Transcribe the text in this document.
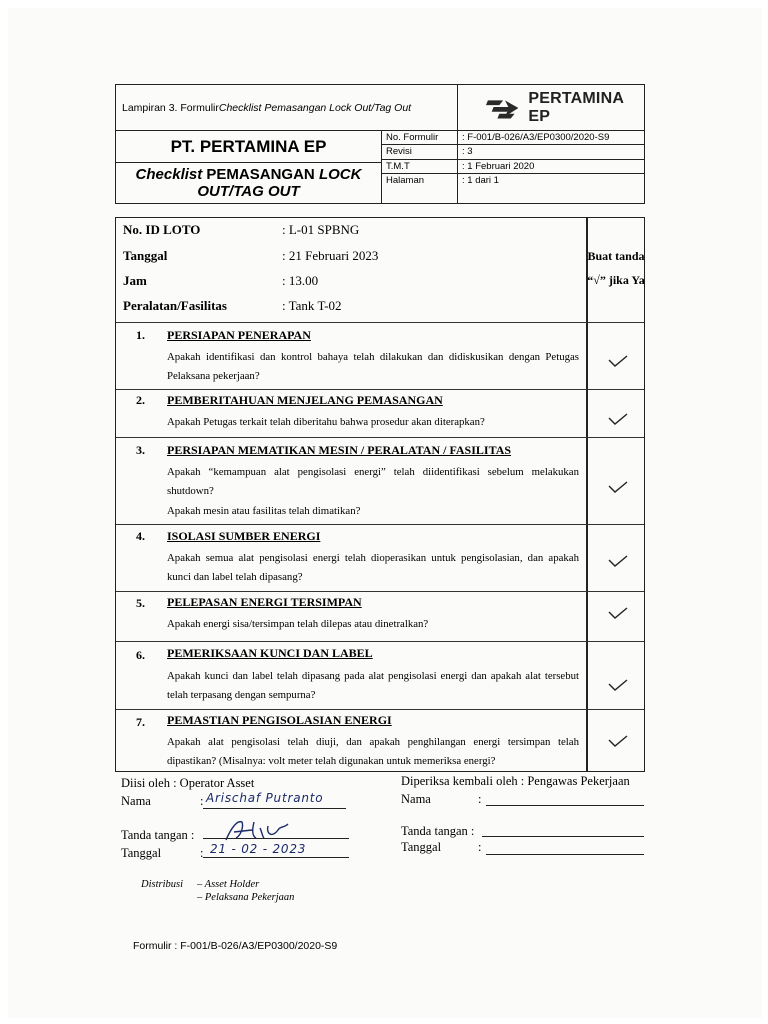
Lampiran 3. Formulir Checklist Pemasangan Lock Out/Tag Out
PERTAMINA EP
PT. PERTAMINA EP
Checklist PEMASANGAN LOCK
OUT/TAG OUT
No. Formulir	: F-001/B-026/A3/EP0300/2020-S9
Revisi	: 3
T.M.T	: 1 Februari 2020
Halaman	: 1 dari 1
No. ID LOTO	: L-01 SPBNG
Tanggal	: 21 Februari 2023
Jam	: 13.00
Peralatan/Fasilitas	: Tank T-02
Buat tanda
“√” jika Ya
1. PERSIAPAN PENERAPAN
Apakah identifikasi dan kontrol bahaya telah dilakukan dan didiskusikan dengan Petugas Pelaksana pekerjaan?
2. PEMBERITAHUAN MENJELANG PEMASANGAN
Apakah Petugas terkait telah diberitahu bahwa prosedur akan diterapkan?
3. PERSIAPAN MEMATIKAN MESIN / PERALATAN / FASILITAS
Apakah “kemampuan alat pengisolasi energi” telah diidentifikasi sebelum melakukan shutdown?
Apakah mesin atau fasilitas telah dimatikan?
4. ISOLASI SUMBER ENERGI
Apakah semua alat pengisolasi energi telah dioperasikan untuk pengisolasian, dan apakah kunci dan label telah dipasang?
5. PELEPASAN ENERGI TERSIMPAN
Apakah energi sisa/tersimpan telah dilepas atau dinetralkan?
6. PEMERIKSAAN KUNCI DAN LABEL
Apakah kunci dan label telah dipasang pada alat pengisolasi energi dan apakah alat tersebut telah terpasang dengan sempurna?
7. PEMASTIAN PENGISOLASIAN ENERGI
Apakah alat pengisolasi telah diuji, dan apakah penghilangan energi tersimpan telah dipastikan? (Misalnya: volt meter telah digunakan untuk memeriksa energi?
Diisi oleh : Operator Asset
Nama	: Arischaf Putranto
Tanda tangan :
Tanggal	: 21 - 02 - 2023
Diperiksa kembali oleh : Pengawas Pekerjaan
Nama	:
Tanda tangan :
Tanggal	:
Distribusi – Asset Holder
– Pelaksana Pekerjaan
Formulir : F-001/B-026/A3/EP0300/2020-S9
